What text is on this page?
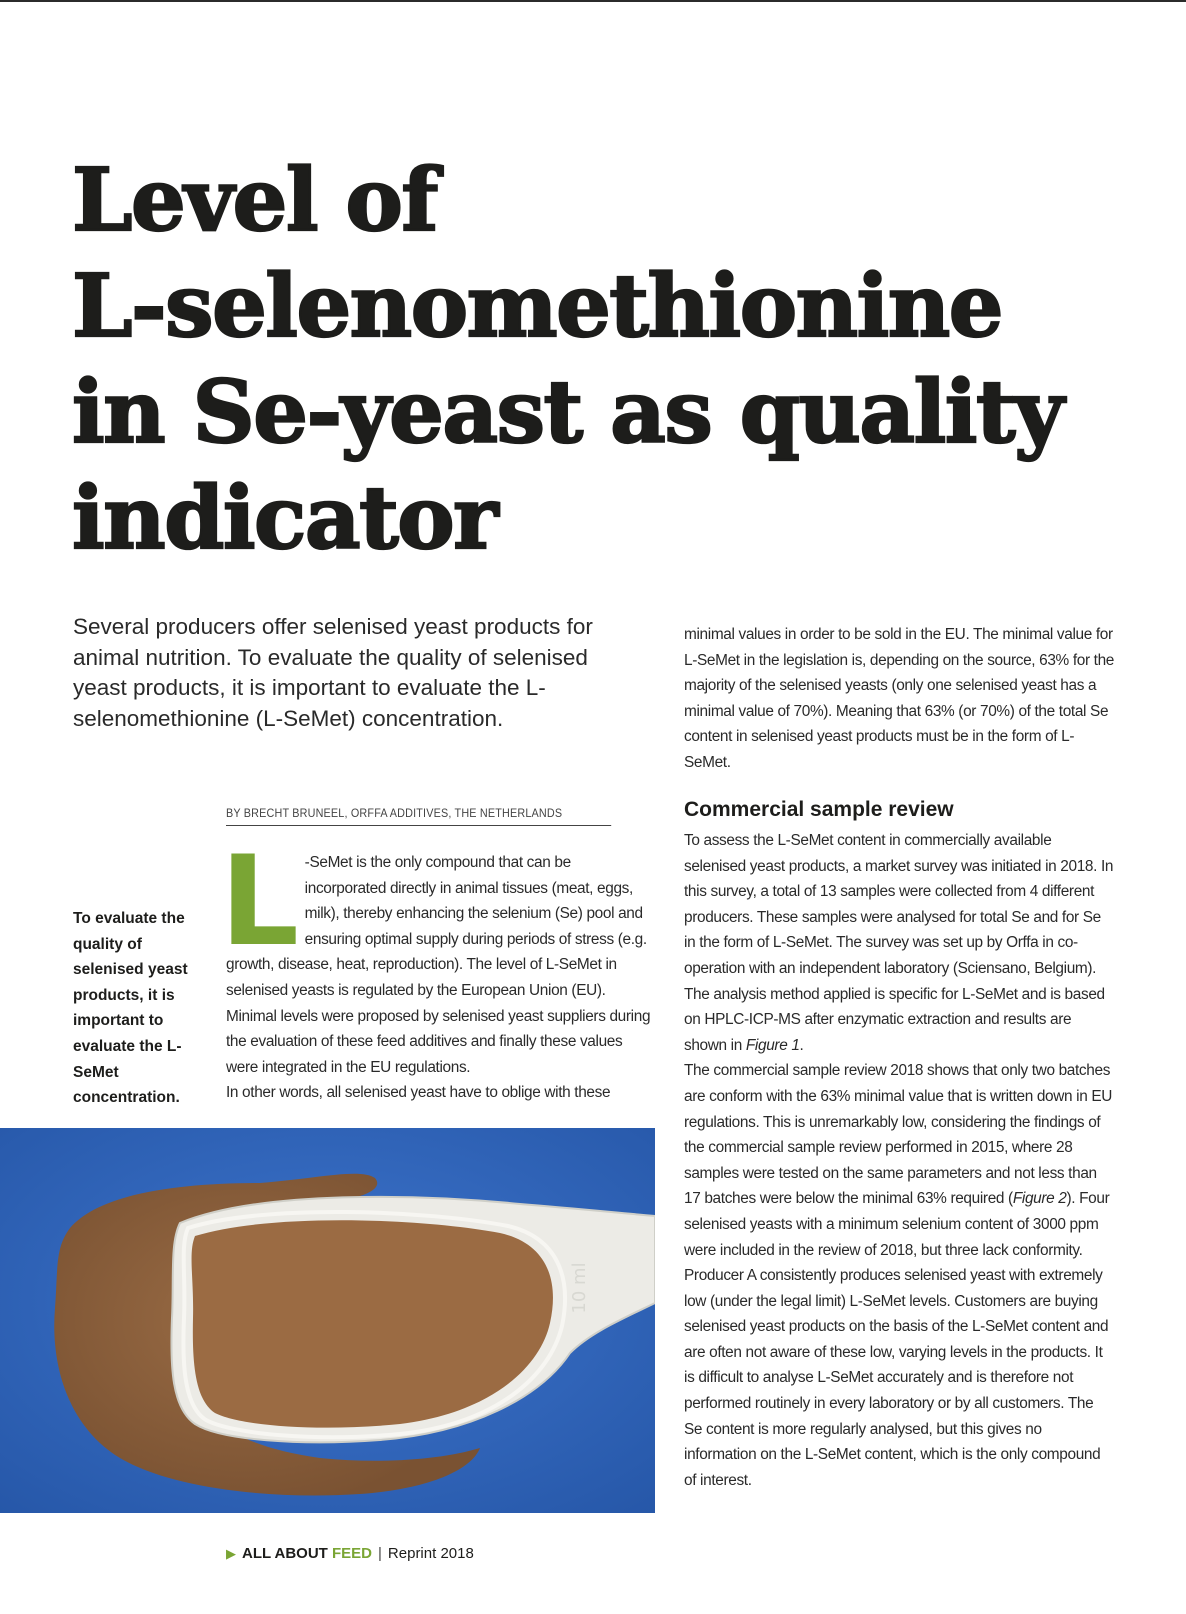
Level of
L-selenomethionine
in Se-yeast as quality
indicator

Several producers offer selenised yeast products for animal nutrition. To evaluate the quality of selenised yeast products, it is important to evaluate the L-selenomethionine (L-SeMet) concentration.

minimal values in order to be sold in the EU. The minimal value for L-SeMet in the legislation is, depending on the source, 63% for the majority of the selenised yeasts (only one selenised yeast has a minimal value of 70%). Meaning that 63% (or 70%) of the total Se content in selenised yeast products must be in the form of L-SeMet.

Commercial sample review

To assess the L-SeMet content in commercially available selenised yeast products, a market survey was initiated in 2018. In this survey, a total of 13 samples were collected from 4 different producers. These samples were analysed for total Se and for Se in the form of L-SeMet. The survey was set up by Orffa in co-operation with an independent laboratory (Sciensano, Belgium). The analysis method applied is specific for L-SeMet and is based on HPLC-ICP-MS after enzymatic extraction and results are shown in Figure 1.

The commercial sample review 2018 shows that only two batches are conform with the 63% minimal value that is written down in EU regulations. This is unremarkably low, considering the findings of the commercial sample review performed in 2015, where 28 samples were tested on the same parameters and not less than 17 batches were below the minimal 63% required (Figure 2). Four selenised yeasts with a minimum selenium content of 3000 ppm were included in the review of 2018, but three lack conformity. Producer A consistently produces selenised yeast with extremely low (under the legal limit) L-SeMet levels. Customers are buying selenised yeast products on the basis of the L-SeMet content and are often not aware of these low, varying levels in the products. It is difficult to analyse L-SeMet accurately and is therefore not performed routinely in every laboratory or by all customers. The Se content is more regularly analysed, but this gives no information on the L-SeMet content, which is the only compound of interest.

BY BRECHT BRUNEEL, ORFFA ADDITIVES, THE NETHERLANDS

To evaluate the quality of selenised yeast products, it is important to evaluate the L-SeMet concentration.

L -SeMet is the only compound that can be incorporated directly in animal tissues (meat, eggs, milk), thereby enhancing the selenium (Se) pool and ensuring optimal supply during periods of stress (e.g. growth, disease, heat, reproduction). The level of L-SeMet in selenised yeasts is regulated by the European Union (EU). Minimal levels were proposed by selenised yeast suppliers during the evaluation of these feed additives and finally these values were integrated in the EU regulations.

In other words, all selenised yeast have to oblige with these

10 ml
▶ ALL ABOUT FEED | Reprint 2018
